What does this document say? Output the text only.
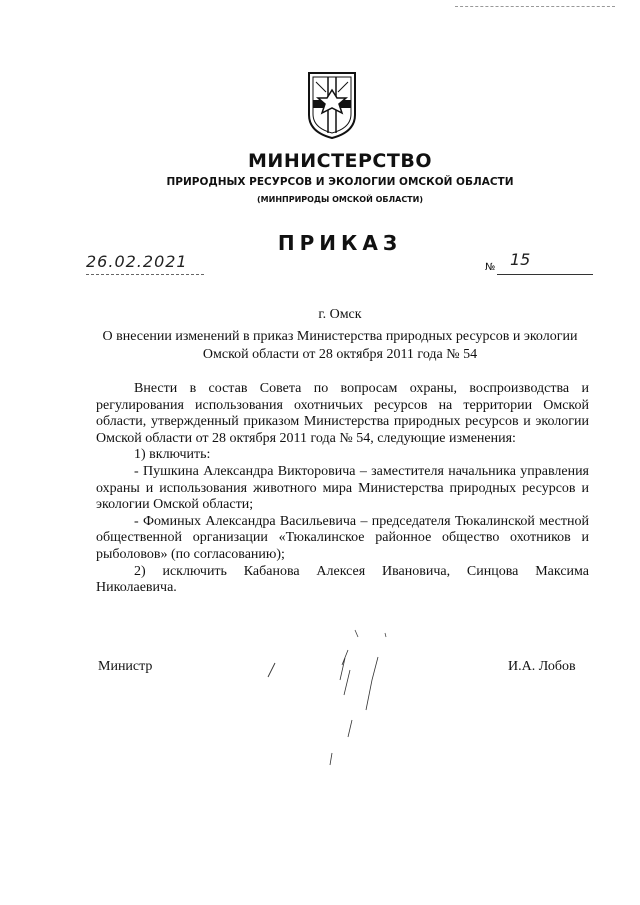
МИНИСТЕРСТВО
ПРИРОДНЫХ РЕСУРСОВ И ЭКОЛОГИИ ОМСКОЙ ОБЛАСТИ
(МИНПРИРОДЫ ОМСКОЙ ОБЛАСТИ)
ПРИКАЗ
26.02.2021	№ 15
г. Омск
О внесении изменений в приказ Министерства природных ресурсов и экологии Омской области от 28 октября 2011 года № 54

Внести в состав Совета по вопросам охраны, воспроизводства и регулирования использования охотничьих ресурсов на территории Омской области, утвержденный приказом Министерства природных ресурсов и экологии Омской области от 28 октября 2011 года № 54, следующие изменения:

1) включить:

- Пушкина Александра Викторовича – заместителя начальника управления охраны и использования животного мира Министерства природных ресурсов и экологии Омской области;

- Фоминых Александра Васильевича – председателя Тюкалинской местной общественной организации «Тюкалинское районное общество охотников и рыболовов» (по согласованию);

2) исключить Кабанова Алексея Ивановича, Синцова Максима Николаевича.

Министр	И.А. Лобов
